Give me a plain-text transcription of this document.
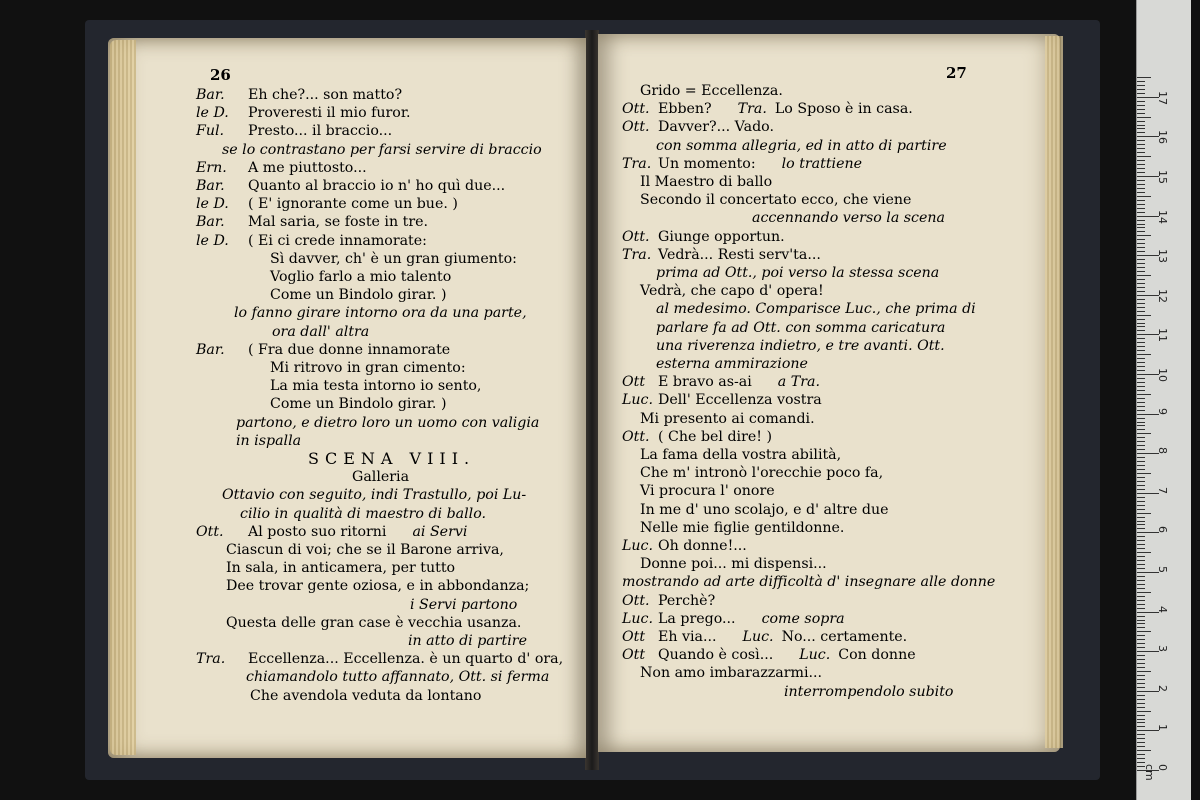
26	27
Bar. Eh che?... son matto?
le D. Proveresti il mio furor.
Ful. Presto... il braccio...
se lo contrastano per farsi servire di braccio
Ern. A me piuttosto...
Bar. Quanto al braccio io n' ho quì due...
le D. ( E' ignorante come un bue. )
Bar. Mal saria, se foste in tre.
le D. ( Ei ci crede innamorate:
Sì davver, ch' è un gran giumento:
Voglio farlo a mio talento
Come un Bindolo girar. )
lo fanno girare intorno ora da una parte,
ora dall' altra
Bar. ( Fra due donne innamorate
Mi ritrovo in gran cimento:
La mia testa intorno io sento,
Come un Bindolo girar. )
partono, e dietro loro un uomo con valigia
in ispalla
SCENA VIII.
Galleria
Ottavio con seguito, indi Trastullo, poi Lu-
cilio in qualità di maestro di ballo.
Ott. Al posto suo ritorni ai Servi
Ciascun di voi; che se il Barone arriva,
In sala, in anticamera, per tutto
Dee trovar gente oziosa, e in abbondanza;
i Servi partono
Questa delle gran case è vecchia usanza.
in atto di partire
Tra. Eccellenza... Eccellenza. è un quarto d' ora,
chiamandolo tutto affannato, Ott. si ferma
Che avendola veduta da lontano
Grido = Eccellenza.
Ott. Ebben? Tra. Lo Sposo è in casa.
Ott. Davver?... Vado.
con somma allegria, ed in atto di partire
Tra. Un momento: lo trattiene
Il Maestro di ballo
Secondo il concertato ecco, che viene
accennando verso la scena
Ott. Giunge opportun.
Tra. Vedrà... Resti serv'ta...
prima ad Ott., poi verso la stessa scena
Vedrà, che capo d' opera!
al medesimo. Comparisce Luc., che prima di
parlare fa ad Ott. con somma caricatura
una riverenza indietro, e tre avanti. Ott.
esterna ammirazione
Ott E bravo as-ai a Tra.
Luc. Dell' Eccellenza vostra
Mi presento ai comandi.
Ott. ( Che bel dire! )
La fama della vostra abilità,
Che m' intronò l'orecchie poco fa,
Vi procura l' onore
In me d' uno scolajo, e d' altre due
Nelle mie figlie gentildonne.
Luc. Oh donne!...
Donne poi... mi dispensi...
mostrando ad arte difficoltà d' insegnare alle donne
Ott. Perchè?
Luc. La prego... come sopra
Ott Eh via... Luc. No... certamente.
Ott Quando è così... Luc. Con donne
Non amo imbarazzarmi...
interrompendolo subito
0 cm
1
2
3
4
5
6
7
8
9
10
11
12
13
14
15
16
17
